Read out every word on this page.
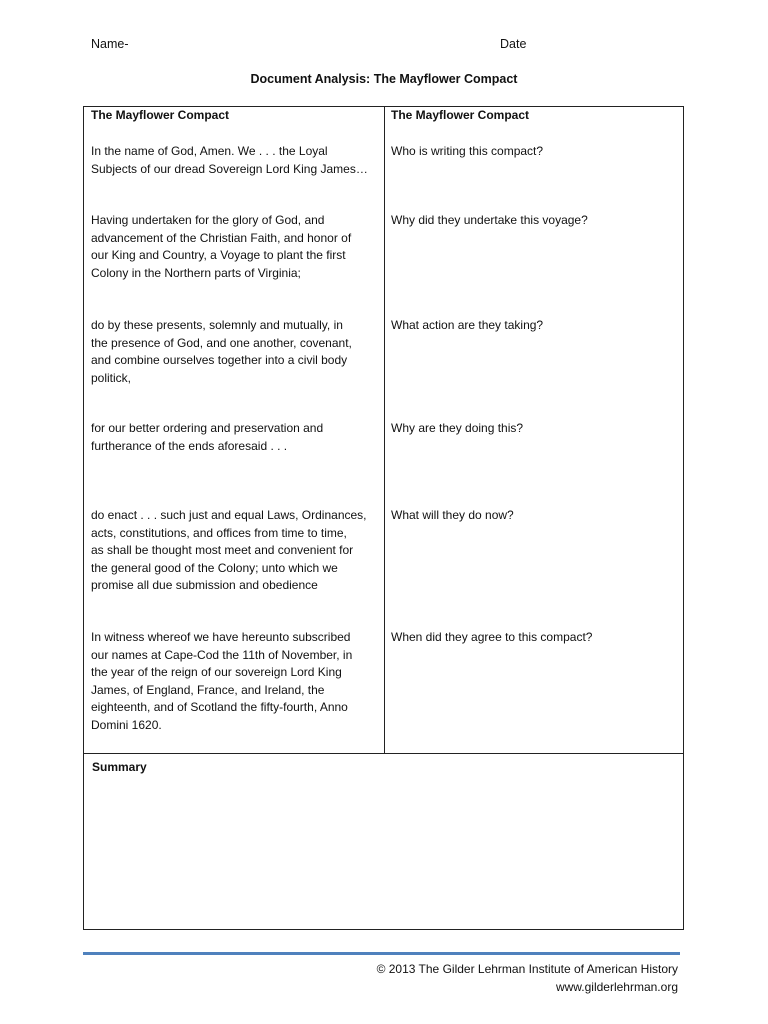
Name-	Date
Document Analysis: The Mayflower Compact
The Mayflower Compact	The Mayflower Compact
In the name of God, Amen. We . . . the Loyal
Subjects of our dread Sovereign Lord King James…
Who is writing this compact?
Having undertaken for the glory of God, and
advancement of the Christian Faith, and honor of
our King and Country, a Voyage to plant the first
Colony in the Northern parts of Virginia;
Why did they undertake this voyage?
do by these presents, solemnly and mutually, in
the presence of God, and one another, covenant,
and combine ourselves together into a civil body
politick,
What action are they taking?
for our better ordering and preservation and
furtherance of the ends aforesaid . . .
Why are they doing this?
do enact . . . such just and equal Laws, Ordinances,
acts, constitutions, and offices from time to time,
as shall be thought most meet and convenient for
the general good of the Colony; unto which we
promise all due submission and obedience
What will they do now?
In witness whereof we have hereunto subscribed
our names at Cape-Cod the 11th of November, in
the year of the reign of our sovereign Lord King
James, of England, France, and Ireland, the
eighteenth, and of Scotland the fifty-fourth, Anno
Domini 1620.
When did they agree to this compact?
Summary
© 2013 The Gilder Lehrman Institute of American History
www.gilderlehrman.org
